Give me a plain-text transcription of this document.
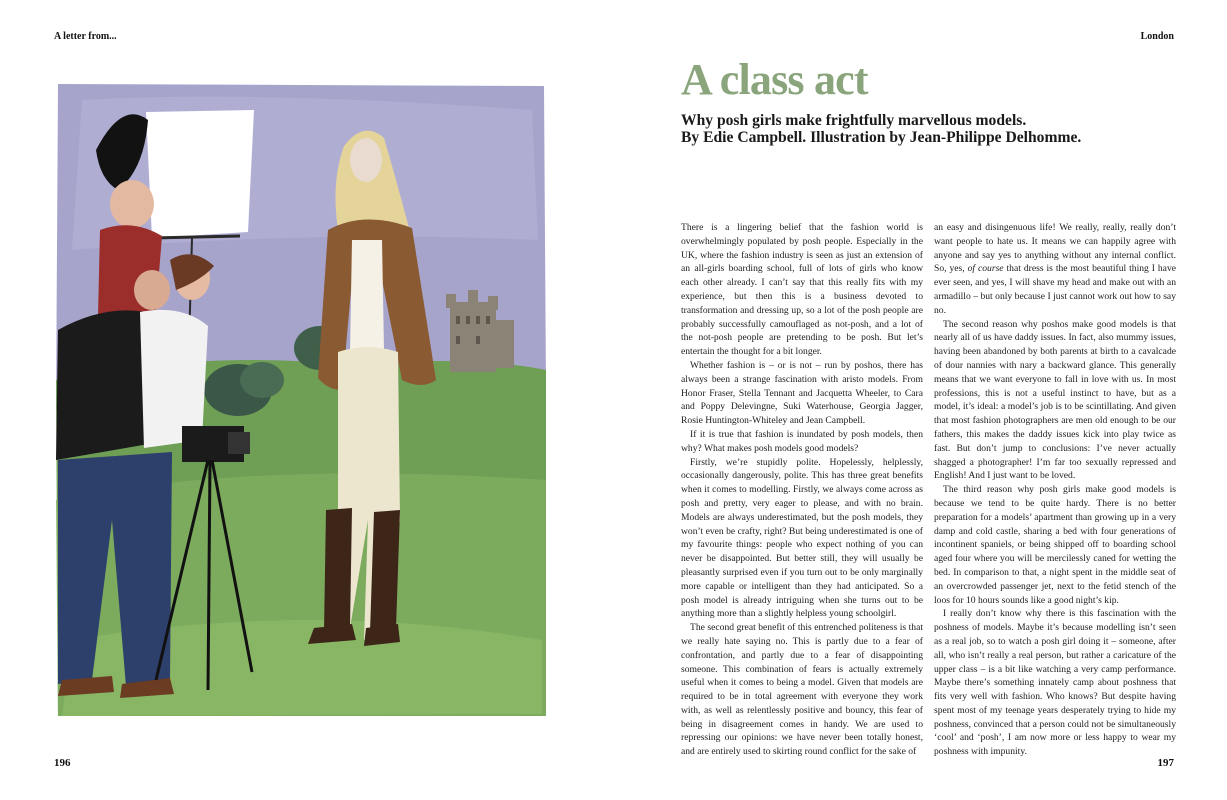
A letter from...
196
London
A class act
Why posh girls make frightfully marvellous models.
By Edie Campbell. Illustration by Jean-Philippe Delhomme.

There is a lingering belief that the fashion world is overwhelmingly populated by posh people. Especially in the UK, where the fashion industry is seen as just an extension of an all-girls boarding school, full of lots of girls who know each other already. I can’t say that this really fits with my experience, but then this is a business devoted to transformation and dressing up, so a lot of the posh people are probably successfully camouflaged as not-posh, and a lot of the not-posh people are pretending to be posh. But let’s entertain the thought for a bit longer.

Whether fashion is – or is not – run by poshos, there has always been a strange fascination with aristo models. From Honor Fraser, Stella Tennant and Jacquetta Wheeler, to Cara and Poppy Delevingne, Suki Waterhouse, Georgia Jagger, Rosie Huntington-Whiteley and Jean Campbell.

If it is true that fashion is inundated by posh models, then why? What makes posh models good models?

Firstly, we’re stupidly polite. Hopelessly, helplessly, occasionally dangerously, polite. This has three great benefits when it comes to modelling. Firstly, we always come across as posh and pretty, very eager to please, and with no brain. Models are always underestimated, but the posh models, they won’t even be crafty, right? But being underestimated is one of my favourite things: people who expect nothing of you can never be disappointed. But better still, they will usually be pleasantly surprised even if you turn out to be only marginally more capable or intelligent than they had anticipated. So a posh model is already intriguing when she turns out to be anything more than a slightly helpless young schoolgirl.

The second great benefit of this entrenched politeness is that we really hate saying no. This is partly due to a fear of confrontation, and partly due to a fear of disappointing someone. This combination of fears is actually extremely useful when it comes to being a model. Given that models are required to be in total agreement with everyone they work with, as well as relentlessly positive and bouncy, this fear of being in disagreement comes in handy. We are used to repressing our opinions: we have never been totally honest, and are entirely used to skirting round conflict for the sake of

an easy and disingenuous life! We really, really, really don’t want people to hate us. It means we can happily agree with anyone and say yes to anything without any internal conflict. So, yes, of course that dress is the most beautiful thing I have ever seen, and yes, I will shave my head and make out with an armadillo – but only because I just cannot work out how to say no.

The second reason why poshos make good models is that nearly all of us have daddy issues. In fact, also mummy issues, having been abandoned by both parents at birth to a cavalcade of dour nannies with nary a backward glance. This generally means that we want everyone to fall in love with us. In most professions, this is not a useful instinct to have, but as a model, it’s ideal: a model’s job is to be scintillating. And given that most fashion photographers are men old enough to be our fathers, this makes the daddy issues kick into play twice as fast. But don’t jump to conclusions: I’ve never actually shagged a photographer! I’m far too sexually repressed and English! And I just want to be loved.

The third reason why posh girls make good models is because we tend to be quite hardy. There is no better preparation for a models’ apartment than growing up in a very damp and cold castle, sharing a bed with four generations of incontinent spaniels, or being shipped off to boarding school aged four where you will be mercilessly caned for wetting the bed. In comparison to that, a night spent in the middle seat of an overcrowded passenger jet, next to the fetid stench of the loos for 10 hours sounds like a good night’s kip.

I really don’t know why there is this fascination with the poshness of models. Maybe it’s because modelling isn’t seen as a real job, so to watch a posh girl doing it – someone, after all, who isn’t really a real person, but rather a caricature of the upper class – is a bit like watching a very camp performance. Maybe there’s something innately camp about poshness that fits very well with fashion. Who knows? But despite having spent most of my teenage years desperately trying to hide my poshness, convinced that a person could not be simultaneously ‘cool’ and ‘posh’, I am now more or less happy to wear my poshness with impunity.

197
